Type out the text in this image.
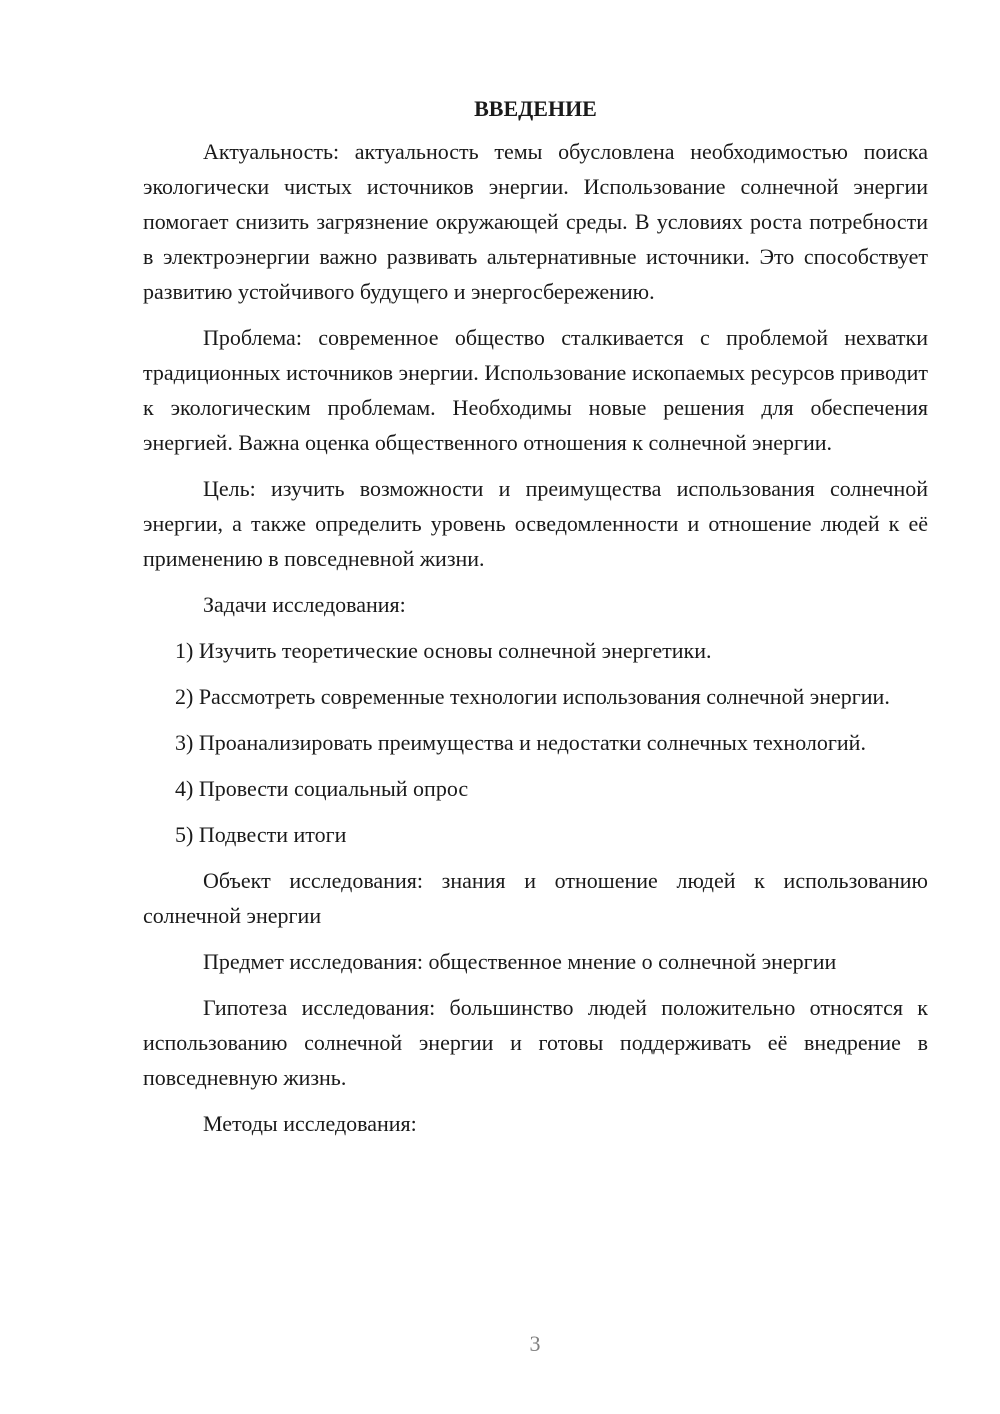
ВВЕДЕНИЕ

Актуальность: актуальность темы обусловлена необходимостью поиска экологически чистых источников энергии. Использование солнечной энергии помогает снизить загрязнение окружающей среды. В условиях роста потребности в электроэнергии важно развивать альтернативные источники. Это способствует развитию устойчивого будущего и энергосбережению.

Проблема: современное общество сталкивается с проблемой нехватки традиционных источников энергии. Использование ископаемых ресурсов приводит к экологическим проблемам. Необходимы новые решения для обеспечения энергией. Важна оценка общественного отношения к солнечной энергии.

Цель: изучить возможности и преимущества использования солнечной энергии, а также определить уровень осведомленности и отношение людей к её применению в повседневной жизни.

Задачи исследования:

1) Изучить теоретические основы солнечной энергетики.

2) Рассмотреть современные технологии использования солнечной энергии.

3) Проанализировать преимущества и недостатки солнечных технологий.

4) Провести социальный опрос

5) Подвести итоги

Объект исследования: знания и отношение людей к использованию солнечной энергии

Предмет исследования: общественное мнение о солнечной энергии

Гипотеза исследования: большинство людей положительно относятся к использованию солнечной энергии и готовы поддерживать её внедрение в повседневную жизнь.

Методы исследования:

3
